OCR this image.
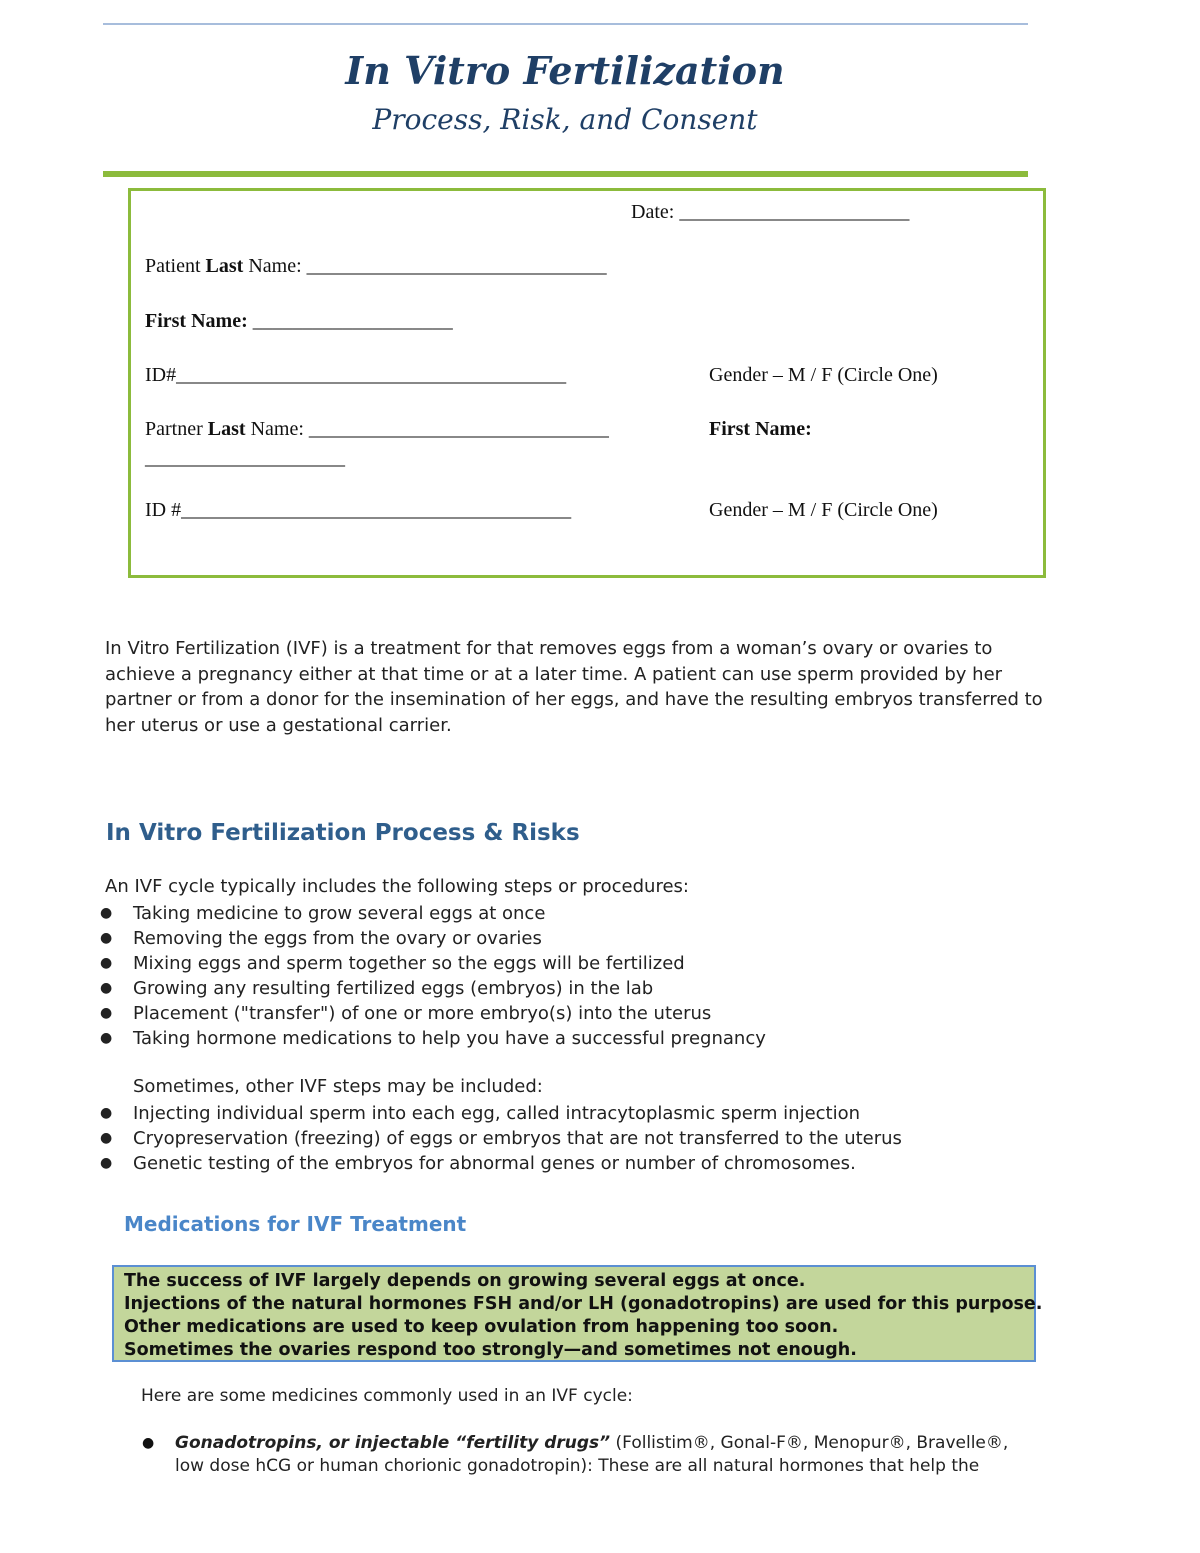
In Vitro Fertilization
Process, Risk, and Consent
Date: _______________________
Patient Last Name: ______________________________
First Name: ____________________
ID#_______________________________________	Gender – M / F (Circle One)
Partner Last Name: ______________________________	First Name:
____________________
ID #_______________________________________	Gender – M / F (Circle One)
In Vitro Fertilization (IVF) is a treatment for that removes eggs from a woman’s ovary or ovaries to achieve a pregnancy either at that time or at a later time. A patient can use sperm provided by her partner or from a donor for the insemination of her eggs, and have the resulting embryos transferred to her uterus or use a gestational carrier.
In Vitro Fertilization Process & Risks
An IVF cycle typically includes the following steps or procedures:
● Taking medicine to grow several eggs at once
● Removing the eggs from the ovary or ovaries
● Mixing eggs and sperm together so the eggs will be fertilized
● Growing any resulting fertilized eggs (embryos) in the lab
● Placement ("transfer") of one or more embryo(s) into the uterus
● Taking hormone medications to help you have a successful pregnancy
Sometimes, other IVF steps may be included:
● Injecting individual sperm into each egg, called intracytoplasmic sperm injection
● Cryopreservation (freezing) of eggs or embryos that are not transferred to the uterus
● Genetic testing of the embryos for abnormal genes or number of chromosomes.
Medications for IVF Treatment
The success of IVF largely depends on growing several eggs at once.
Injections of the natural hormones FSH and/or LH (gonadotropins) are used for this purpose.
Other medications are used to keep ovulation from happening too soon.
Sometimes the ovaries respond too strongly—and sometimes not enough.
Here are some medicines commonly used in an IVF cycle:
● Gonadotropins, or injectable “fertility drugs” (Follistim®, Gonal-F®, Menopur®, Bravelle®, low dose hCG or human chorionic gonadotropin): These are all natural hormones that help the
